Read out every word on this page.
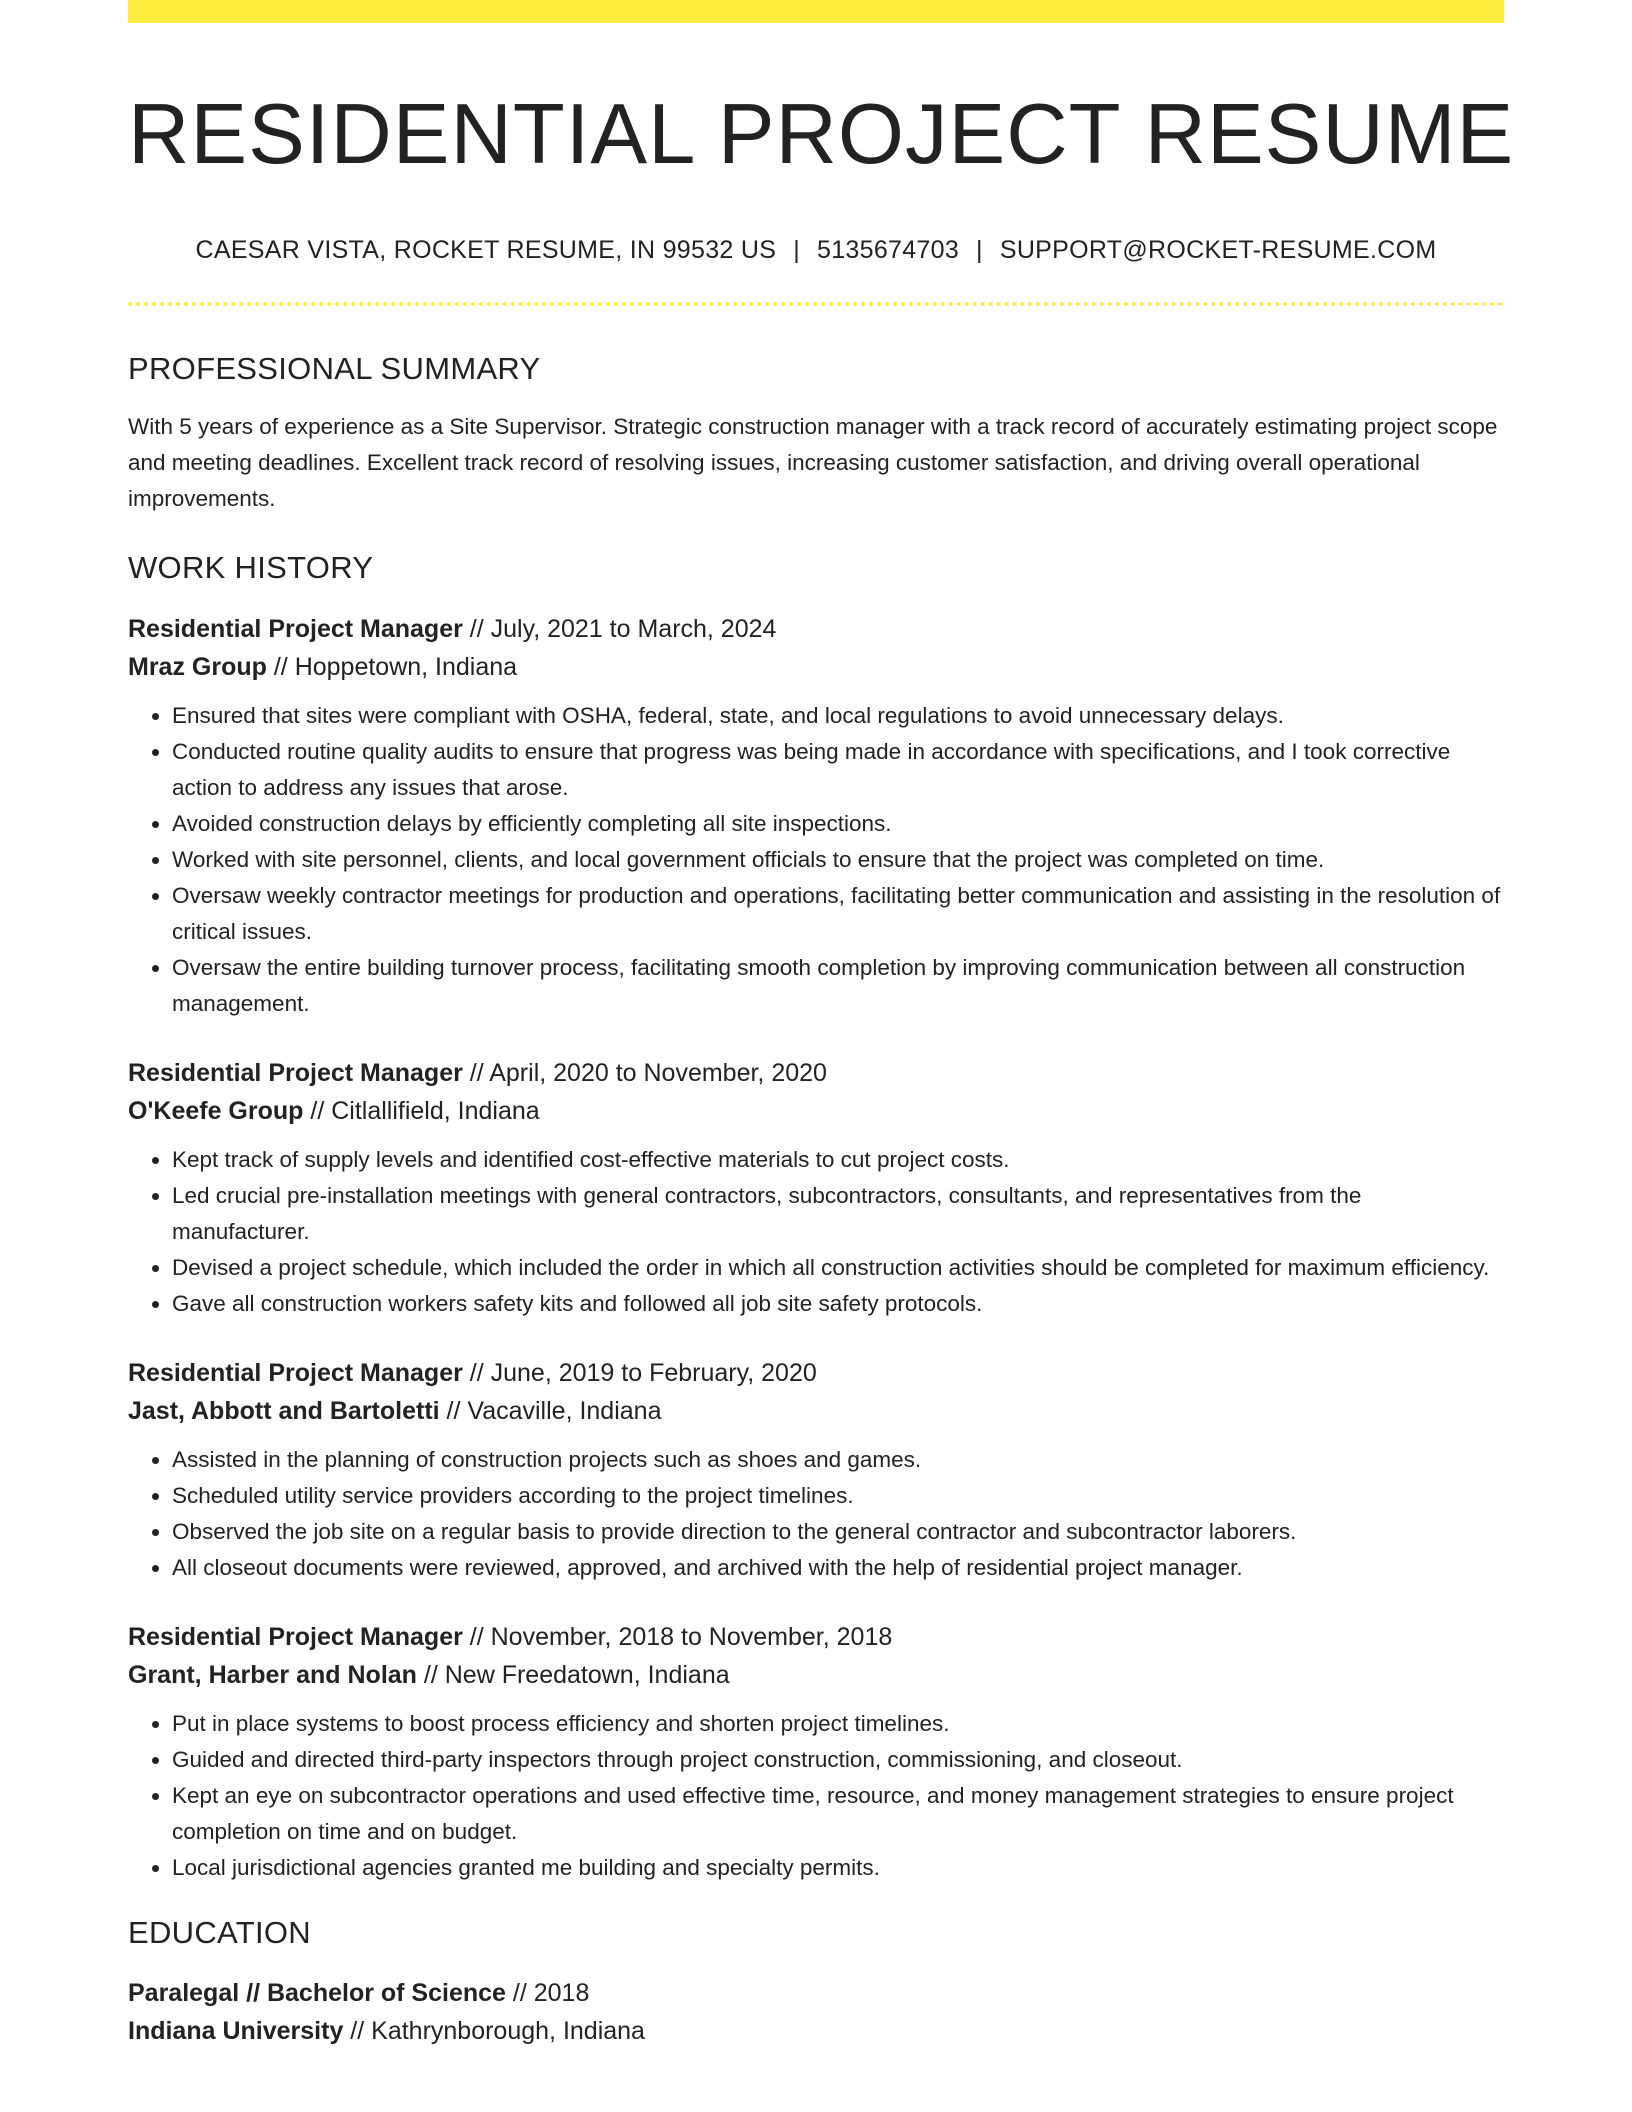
RESIDENTIAL PROJECT RESUME
CAESAR VISTA, ROCKET RESUME, IN 99532 US | 5135674703 | SUPPORT@ROCKET-RESUME.COM
PROFESSIONAL SUMMARY
With 5 years of experience as a Site Supervisor. Strategic construction manager with a track record of accurately estimating project scope and meeting deadlines. Excellent track record of resolving issues, increasing customer satisfaction, and driving overall operational improvements.
WORK HISTORY
Residential Project Manager // July, 2021 to March, 2024
Mraz Group // Hoppetown, Indiana
• Ensured that sites were compliant with OSHA, federal, state, and local regulations to avoid unnecessary delays.
• Conducted routine quality audits to ensure that progress was being made in accordance with specifications, and I took corrective action to address any issues that arose.
• Avoided construction delays by efficiently completing all site inspections.
• Worked with site personnel, clients, and local government officials to ensure that the project was completed on time.
• Oversaw weekly contractor meetings for production and operations, facilitating better communication and assisting in the resolution of critical issues.
• Oversaw the entire building turnover process, facilitating smooth completion by improving communication between all construction management.
Residential Project Manager // April, 2020 to November, 2020
O'Keefe Group // Citlallifield, Indiana
• Kept track of supply levels and identified cost-effective materials to cut project costs.
• Led crucial pre-installation meetings with general contractors, subcontractors, consultants, and representatives from the manufacturer.
• Devised a project schedule, which included the order in which all construction activities should be completed for maximum efficiency.
• Gave all construction workers safety kits and followed all job site safety protocols.
Residential Project Manager // June, 2019 to February, 2020
Jast, Abbott and Bartoletti // Vacaville, Indiana
• Assisted in the planning of construction projects such as shoes and games.
• Scheduled utility service providers according to the project timelines.
• Observed the job site on a regular basis to provide direction to the general contractor and subcontractor laborers.
• All closeout documents were reviewed, approved, and archived with the help of residential project manager.
Residential Project Manager // November, 2018 to November, 2018
Grant, Harber and Nolan // New Freedatown, Indiana
• Put in place systems to boost process efficiency and shorten project timelines.
• Guided and directed third-party inspectors through project construction, commissioning, and closeout.
• Kept an eye on subcontractor operations and used effective time, resource, and money management strategies to ensure project completion on time and on budget.
• Local jurisdictional agencies granted me building and specialty permits.
EDUCATION
Paralegal // Bachelor of Science // 2018
Indiana University // Kathrynborough, Indiana
